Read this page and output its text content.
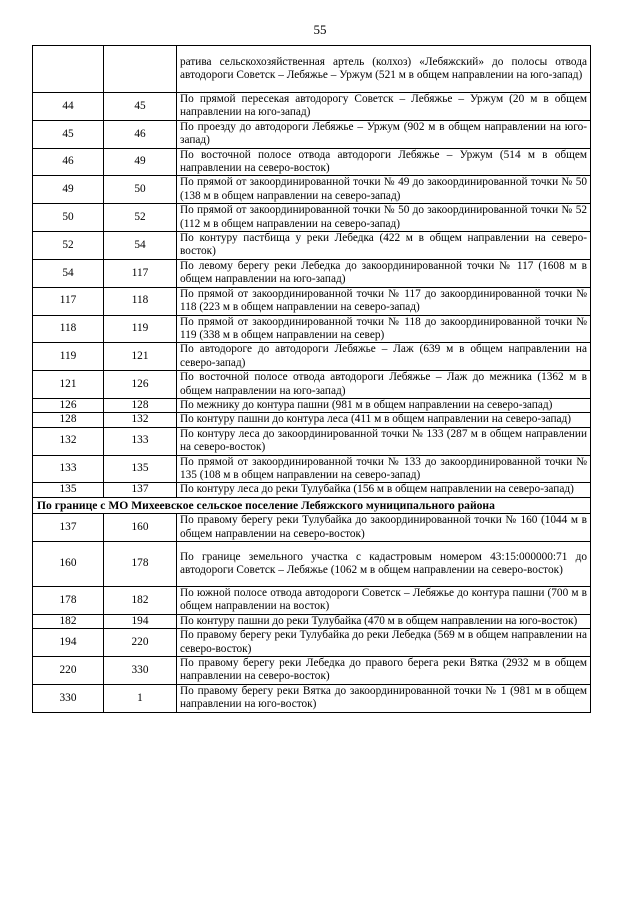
55
		ратива сельскохозяйственная артель (колхоз) «Лебяжский» до полосы отвода автодороги Советск – Лебяжье – Уржум (521 м в общем направлении на юго-запад)
44	45	По прямой пересекая автодорогу Советск – Лебяжье – Уржум (20 м в общем направлении на юго-запад)
45	46	По проезду до автодороги Лебяжье – Уржум (902 м в общем направлении на юго-запад)
46	49	По восточной полосе отвода автодороги Лебяжье – Уржум (514 м в общем направлении на северо-восток)
49	50	По прямой от закоординированной точки № 49 до закоординированной точки № 50 (138 м в общем направлении на северо-запад)
50	52	По прямой от закоординированной точки № 50 до закоординированной точки № 52 (112 м в общем направлении на северо-запад)
52	54	По контуру пастбища у реки Лебедка (422 м в общем направлении на северо-восток)
54	117	По левому берегу реки Лебедка до закоординированной точки № 117 (1608 м в общем направлении на юго-запад)
117	118	По прямой от закоординированной точки № 117 до закоординированной точки № 118 (223 м в общем направлении на северо-запад)
118	119	По прямой от закоординированной точки № 118 до закоординированной точки № 119 (338 м в общем направлении на север)
119	121	По автодороге до автодороги Лебяжье – Лаж (639 м в общем направлении на северо-запад)
121	126	По восточной полосе отвода автодороги Лебяжье – Лаж до межника (1362 м в общем направлении на юго-запад)
126	128	По межнику до контура пашни (981 м в общем направлении на северо-запад)
128	132	По контуру пашни до контура леса (411 м в общем направлении на северо-запад)
132	133	По контуру леса до закоординированной точки № 133 (287 м в общем направлении на северо-восток)
133	135	По прямой от закоординированной точки № 133 до закоординированной точки № 135 (108 м в общем направлении на северо-запад)
135	137	По контуру леса до реки Тулубайка (156 м в общем направлении на северо-запад)
По границе с МО Михеевское сельское поселение Лебяжского муниципального района		
137	160	По правому берегу реки Тулубайка до закоординированной точки № 160 (1044 м в общем направлении на северо-восток)
160	178	По границе земельного участка с кадастровым номером 43:15:000000:71 до автодороги Советск – Лебяжье (1062 м в общем направлении на северо-восток)
178	182	По южной полосе отвода автодороги Советск – Лебяжье до контура пашни (700 м в общем направлении на восток)
182	194	По контуру пашни до реки Тулубайка (470 м в общем направлении на юго-восток)
194	220	По правому берегу реки Тулубайка до реки Лебедка (569 м в общем направлении на северо-восток)
220	330	По правому берегу реки Лебедка до правого берега реки Вятка (2932 м в общем направлении на северо-восток)
330	1	По правому берегу реки Вятка до закоординированной точки № 1 (981 м в общем направлении на юго-восток)
